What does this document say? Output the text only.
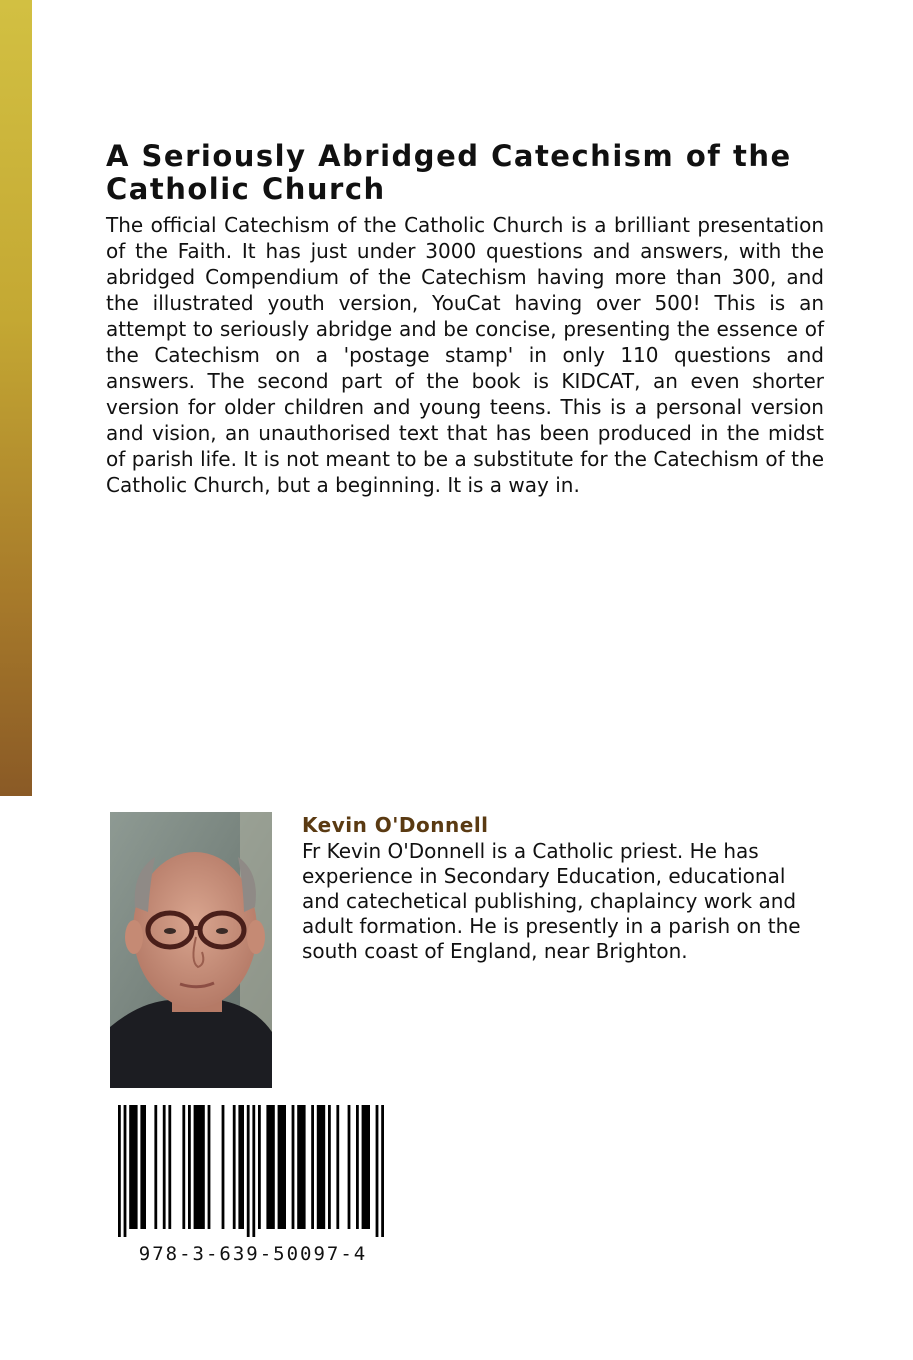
A Seriously Abridged Catechism of the Catholic Church

The official Catechism of the Catholic Church is a brilliant presentation of the Faith. It has just under 3000 questions and answers, with the abridged Compendium of the Catechism having more than 300, and the illustrated youth version, YouCat having over 500! This is an attempt to seriously abridge and be concise, presenting the essence of the Catechism on a 'postage stamp' in only 110 questions and answers. The second part of the book is KIDCAT, an even shorter version for older children and young teens. This is a personal version and vision, an unauthorised text that has been produced in the midst of parish life. It is not meant to be a substitute for the Catechism of the Catholic Church, but a beginning. It is a way in.

Kevin O'Donnell

Fr Kevin O'Donnell is a Catholic priest. He has experience in Secondary Education, educational and catechetical publishing, chaplaincy work and adult formation. He is presently in a parish on the south coast of England, near Brighton.

978-3-639-50097-4
